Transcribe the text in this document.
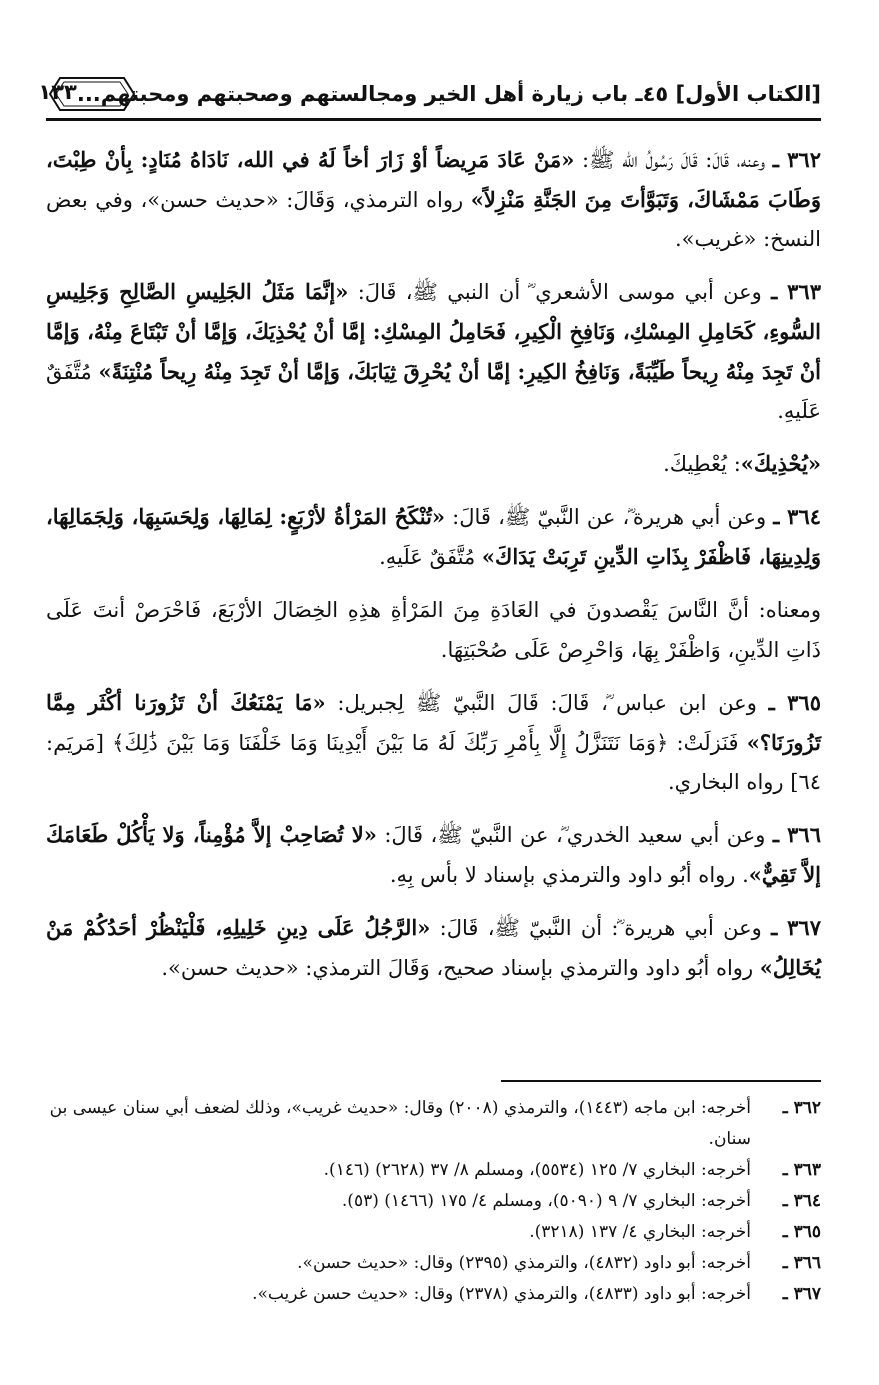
[الكتاب الأول] ٤٥ـ باب زيارة أهل الخير ومجالستهم وصحبتهم ومحبتهم...
١٣٣

٣٦٢ ـ وعنه، قَالَ: قَالَ رَسُولُ الله ﷺ: «مَنْ عَادَ مَرِيضاً أوْ زَارَ أخاً لَهُ في الله، نَادَاهُ مُنَادٍ: بِأنْ طِبْتَ، وَطَابَ مَمْشَاكَ، وَتَبَوَّأتَ مِنَ الجَنَّةِ مَنْزِلاً» رواه الترمذي، وَقَالَ: «حديث حسن»، وفي بعض النسخ: «غريب».

٣٦٣ ـ وعن أبي موسى الأشعري ؓ أن النبي ﷺ، قَالَ: «إنَّمَا مَثَلُ الجَلِيسِ الصَّالِحِ وَجَلِيسِ السُّوءِ، كَحَامِلِ المِسْكِ، وَنَافِخِ الْكِيرِ، فَحَامِلُ المِسْكِ: إمَّا أنْ يُحْذِيَكَ، وَإمَّا أنْ تَبْتَاعَ مِنْهُ، وَإمَّا أنْ تَجِدَ مِنْهُ رِيحاً طَيِّبَةً، وَنَافِخُ الكِيرِ: إمَّا أنْ يُحْرِقَ ثِيَابَكَ، وَإمَّا أنْ تَجِدَ مِنْهُ رِيحاً مُنْتِنَةً» مُتَّفَقٌ عَلَيهِ.

«يُحْذِيكَ»: يُعْطِيكَ.

٣٦٤ ـ وعن أبي هريرة ؓ، عن النَّبيّ ﷺ، قَالَ: «تُنْكَحُ المَرْأةُ لأرْبَعٍ: لِمَالِهَا، وَلِحَسَبِهَا، وَلِجَمَالِهَا، وَلِدِينِهَا، فَاظْفَرْ بِذَاتِ الدِّينِ تَرِبَتْ يَدَاكَ» مُتَّفَقٌ عَلَيهِ.

ومعناه: أنَّ النَّاسَ يَقْصدونَ في العَادَةِ مِنَ المَرْأةِ هذِهِ الخِصَالَ الأرْبَعَ، فَاحْرَصْ أنتَ عَلَى ذَاتِ الدِّينِ، وَاظْفَرْ بِهَا، وَاحْرِصْ عَلَى صُحْبَتِهَا.

٣٦٥ ـ وعن ابن عباس ؓ، قَالَ: قَالَ النَّبيّ ﷺ لِجبريل: «مَا يَمْنَعُكَ أنْ تَزُورَنا أكْثَر مِمَّا تَزُورَنَا؟» فَنَزلَتْ: ﴿وَمَا نَتَنَزَّلُ إِلَّا بِأَمْرِ رَبِّكَ لَهُ مَا بَيْنَ أَيْدِينَا وَمَا خَلْفَنَا وَمَا بَيْنَ ذَٰلِكَ﴾ [مَريَم: ٦٤] رواه البخاري.

٣٦٦ ـ وعن أبي سعيد الخدري ؓ، عن النَّبيّ ﷺ، قَالَ: «لا تُصَاحِبْ إلاَّ مُؤْمِناً، وَلا يَأْكُلْ طَعَامَكَ إلاَّ تَقِيٌّ». رواه أبُو داود والترمذي بإسناد لا بأس بِهِ.

٣٦٧ ـ وعن أبي هريرة ؓ: أن النَّبيّ ﷺ، قَالَ: «الرَّجُلُ عَلَى دِينِ خَلِيلِهِ، فَلْيَنْظُرْ أحَدُكُمْ مَنْ يُخَالِلُ» رواه أبُو داود والترمذي بإسناد صحيح، وَقَالَ الترمذي: «حديث حسن».

٣٦٢ ـ
أخرجه: ابن ماجه (١٤٤٣)، والترمذي (٢٠٠٨) وقال: «حديث غريب»، وذلك لضعف أبي سنان عيسى بن سنان.

٣٦٣ ـ
أخرجه: البخاري ٧/ ١٢٥ (٥٥٣٤)، ومسلم ٨/ ٣٧ (٢٦٢٨) (١٤٦).

٣٦٤ ـ
أخرجه: البخاري ٧/ ٩ (٥٠٩٠)، ومسلم ٤/ ١٧٥ (١٤٦٦) (٥٣).

٣٦٥ ـ
أخرجه: البخاري ٤/ ١٣٧ (٣٢١٨).

٣٦٦ ـ
أخرجه: أبو داود (٤٨٣٢)، والترمذي (٢٣٩٥) وقال: «حديث حسن».

٣٦٧ ـ
أخرجه: أبو داود (٤٨٣٣)، والترمذي (٢٣٧٨) وقال: «حديث حسن غريب».
